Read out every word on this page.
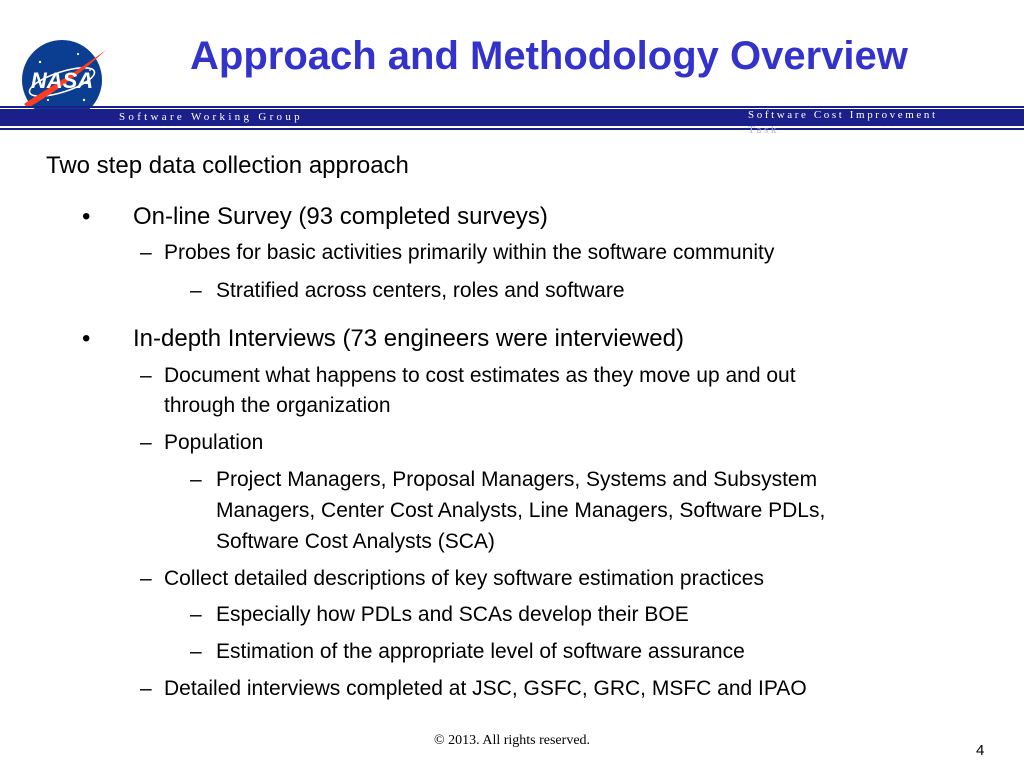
NASA
Approach and Methodology Overview
Software Working Group	Software Cost Improvement
Task
Two step data collection approach
• On-line Survey (93 completed surveys)
– Probes for basic activities primarily within the software community
– Stratified across centers, roles and software
• In-depth Interviews (73 engineers were interviewed)
– Document what happens to cost estimates as they move up and out
through the organization
– Population
– Project Managers, Proposal Managers, Systems and Subsystem
Managers, Center Cost Analysts, Line Managers, Software PDLs,
Software Cost Analysts (SCA)
– Collect detailed descriptions of key software estimation practices
– Especially how PDLs and SCAs develop their BOE
– Estimation of the appropriate level of software assurance
– Detailed interviews completed at JSC, GSFC, GRC, MSFC and IPAO
© 2013. All rights reserved.
4
